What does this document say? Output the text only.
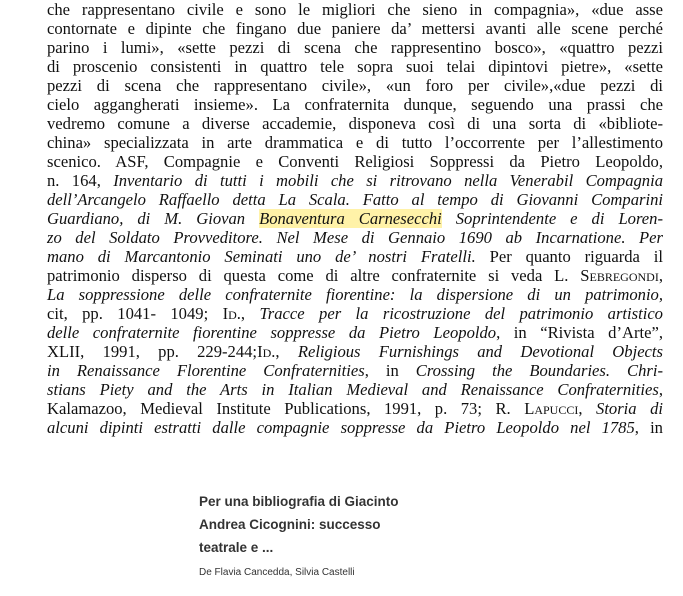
che rappresentano civile e sono le migliori che sieno in compagnia», «due asse
contornate e dipinte che fingano due paniere da’ mettersi avanti alle scene perché
parino i lumi», «sette pezzi di scena che rappresentino bosco», «quattro pezzi
di proscenio consistenti in quattro tele sopra suoi telai dipintovi pietre», «sette
pezzi di scena che rappresentano civile», «un foro per civile»,«due pezzi di
cielo aggangherati insieme». La confraternita dunque, seguendo una prassi che
vedremo comune a diverse accademie, disponeva così di una sorta di «bibliote-
china» specializzata in arte drammatica e di tutto l’occorrente per l’allestimento
scenico. ASF, Compagnie e Conventi Religiosi Soppressi da Pietro Leopoldo,
n. 164, Inventario di tutti i mobili che si ritrovano nella Venerabil Compagnia
dell’Arcangelo Raffaello detta La Scala. Fatto al tempo di Giovanni Comparini
Guardiano, di M. Giovan Bonaventura Carnesecchi Soprintendente e di Loren-
zo del Soldato Provveditore. Nel Mese di Gennaio 1690 ab Incarnatione. Per
mano di Marcantonio Seminati uno de’ nostri Fratelli. Per quanto riguarda il
patrimonio disperso di questa come di altre confraternite si veda L. Sebregondi,
La soppressione delle confraternite fiorentine: la dispersione di un patrimonio,
cit, pp. 1041- 1049; Id., Tracce per la ricostruzione del patrimonio artistico
delle confraternite fiorentine soppresse da Pietro Leopoldo, in “Rivista d’Arte”,
XLII, 1991, pp. 229-244;Id., Religious Furnishings and Devotional Objects
in Renaissance Florentine Confraternities, in Crossing the Boundaries. Chri-
stians Piety and the Arts in Italian Medieval and Renaissance Confraternities,
Kalamazoo, Medieval Institute Publications, 1991, p. 73; R. Lapucci, Storia di
alcuni dipinti estratti dalle compagnie soppresse da Pietro Leopoldo nel 1785, in
Per una bibliografia di Giacinto
Andrea Cicognini: successo
teatrale e ...
De Flavia Cancedda, Silvia Castelli
